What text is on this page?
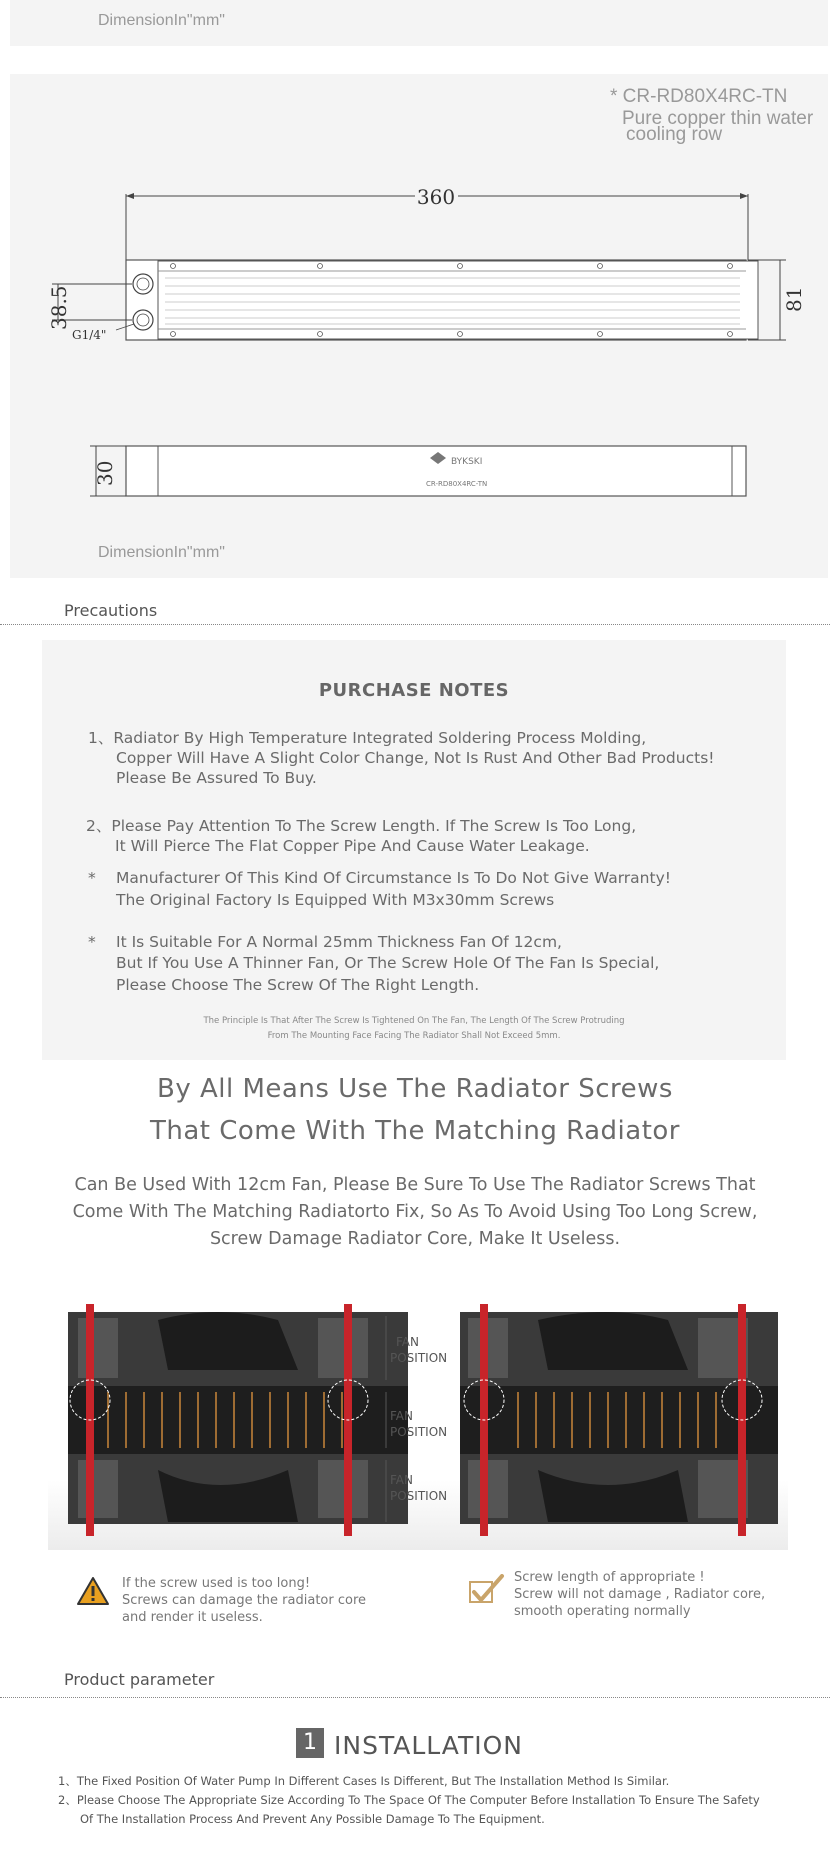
DimensionIn"mm"
* CR-RD80X4RC-TN
Pure copper thin water
cooling row
360
38.5
G1/4"
81
30	BYKSKI
CR-RD80X4RC-TN
DimensionIn"mm"
Precautions
PURCHASE NOTES
1、Radiator By High Temperature Integrated Soldering Process Molding,
Copper Will Have A Slight Color Change, Not Is Rust And Other Bad Products!
Please Be Assured To Buy.
2、Please Pay Attention To The Screw Length. If The Screw Is Too Long,
It Will Pierce The Flat Copper Pipe And Cause Water Leakage.
* Manufacturer Of This Kind Of Circumstance Is To Do Not Give Warranty!
The Original Factory Is Equipped With M3x30mm Screws
* It Is Suitable For A Normal 25mm Thickness Fan Of 12cm,
But If You Use A Thinner Fan, Or The Screw Hole Of The Fan Is Special,
Please Choose The Screw Of The Right Length.
The Principle Is That After The Screw Is Tightened On The Fan, The Length Of The Screw Protruding
From The Mounting Face Facing The Radiator Shall Not Exceed 5mm.
By All Means Use The Radiator Screws
That Come With The Matching Radiator
Can Be Used With 12cm Fan, Please Be Sure To Use The Radiator Screws That
Come With The Matching Radiatorto Fix, So As To Avoid Using Too Long Screw,
Screw Damage Radiator Core, Make It Useless.
FAN
POSITION
FAN
POSITION
FAN
POSITION
If the screw used is too long!
Screws can damage the radiator core
and render it useless.
Screw length of appropriate !
Screw will not damage , Radiator core,
smooth operating normally
Product parameter
1 INSTALLATION
1、The Fixed Position Of Water Pump In Different Cases Is Different, But The Installation Method Is Similar.
2、Please Choose The Appropriate Size According To The Space Of The Computer Before Installation To Ensure The Safety
Of The Installation Process And Prevent Any Possible Damage To The Equipment.
